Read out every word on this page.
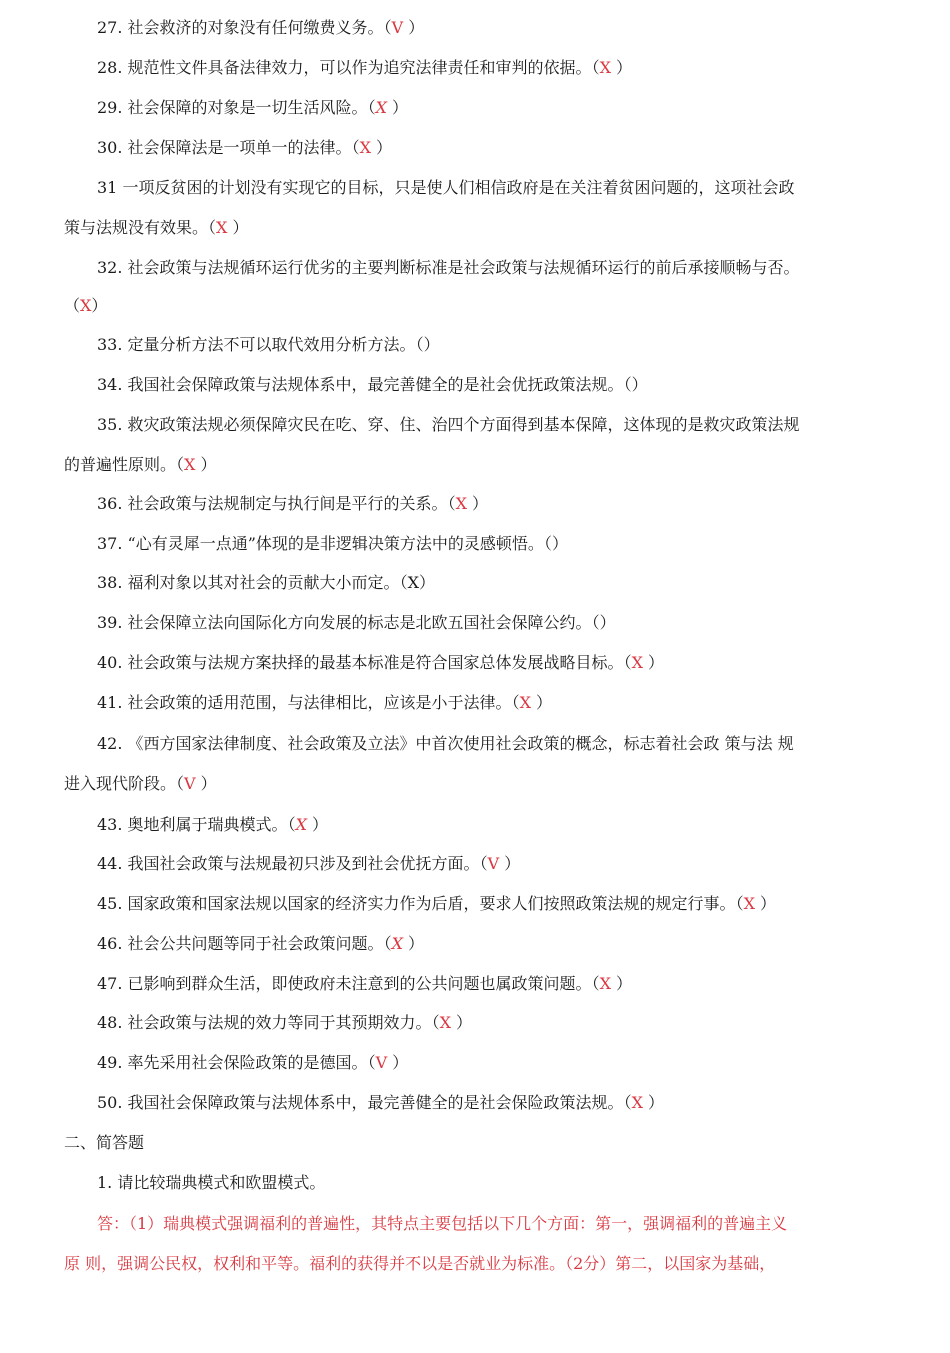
27. 社会救济的对象没有任何缴费义务。（V ）
28. 规范性文件具备法律效力，可以作为追究法律责任和审判的依据。（X ）
29. 社会保障的对象是一切生活风险。（X ）
30. 社会保障法是一项单一的法律。（X ）
31 一项反贫困的计划没有实现它的目标，只是使人们相信政府是在关注着贫困问题的，这项社会政
策与法规没有效果。（X ）
32. 社会政策与法规循环运行优劣的主要判断标准是社会政策与法规循环运行的前后承接顺畅与否。
（X）
33. 定量分析方法不可以取代效用分析方法。（）
34. 我国社会保障政策与法规体系中，最完善健全的是社会优抚政策法规。（）
35. 救灾政策法规必须保障灾民在吃、穿、住、治四个方面得到基本保障，这体现的是救灾政策法规
的普遍性原则。（X ）
36. 社会政策与法规制定与执行间是平行的关系。（X ）
37. “心有灵犀一点通”体现的是非逻辑决策方法中的灵感顿悟。（）
38. 福利对象以其对社会的贡献大小而定。（X）
39. 社会保障立法向国际化方向发展的标志是北欧五国社会保障公约。（）
40. 社会政策与法规方案抉择的最基本标准是符合国家总体发展战略目标。（X ）
41. 社会政策的适用范围，与法律相比，应该是小于法律。（X ）
42. 《西方国家法律制度、社会政策及立法》中首次使用社会政策的概念，标志着社会政 策与法 规
进入现代阶段。（V ）
43. 奥地利属于瑞典模式。（X ）
44. 我国社会政策与法规最初只涉及到社会优抚方面。（V ）
45. 国家政策和国家法规以国家的经济实力作为后盾，要求人们按照政策法规的规定行事。（X ）
46. 社会公共问题等同于社会政策问题。（X ）
47. 已影响到群众生活，即使政府未注意到的公共问题也属政策问题。（X ）
48. 社会政策与法规的效力等同于其预期效力。（X ）
49. 率先采用社会保险政策的是德国。（V ）
50. 我国社会保障政策与法规体系中，最完善健全的是社会保险政策法规。（X ）
二、简答题
1. 请比较瑞典模式和欧盟模式。
答：（1）瑞典模式强调福利的普遍性，其特点主要包括以下几个方面：第一，强调福利的普遍主义
原 则，强调公民权，权利和平等。福利的获得并不以是否就业为标准。（2分）第二，以国家为基础，
